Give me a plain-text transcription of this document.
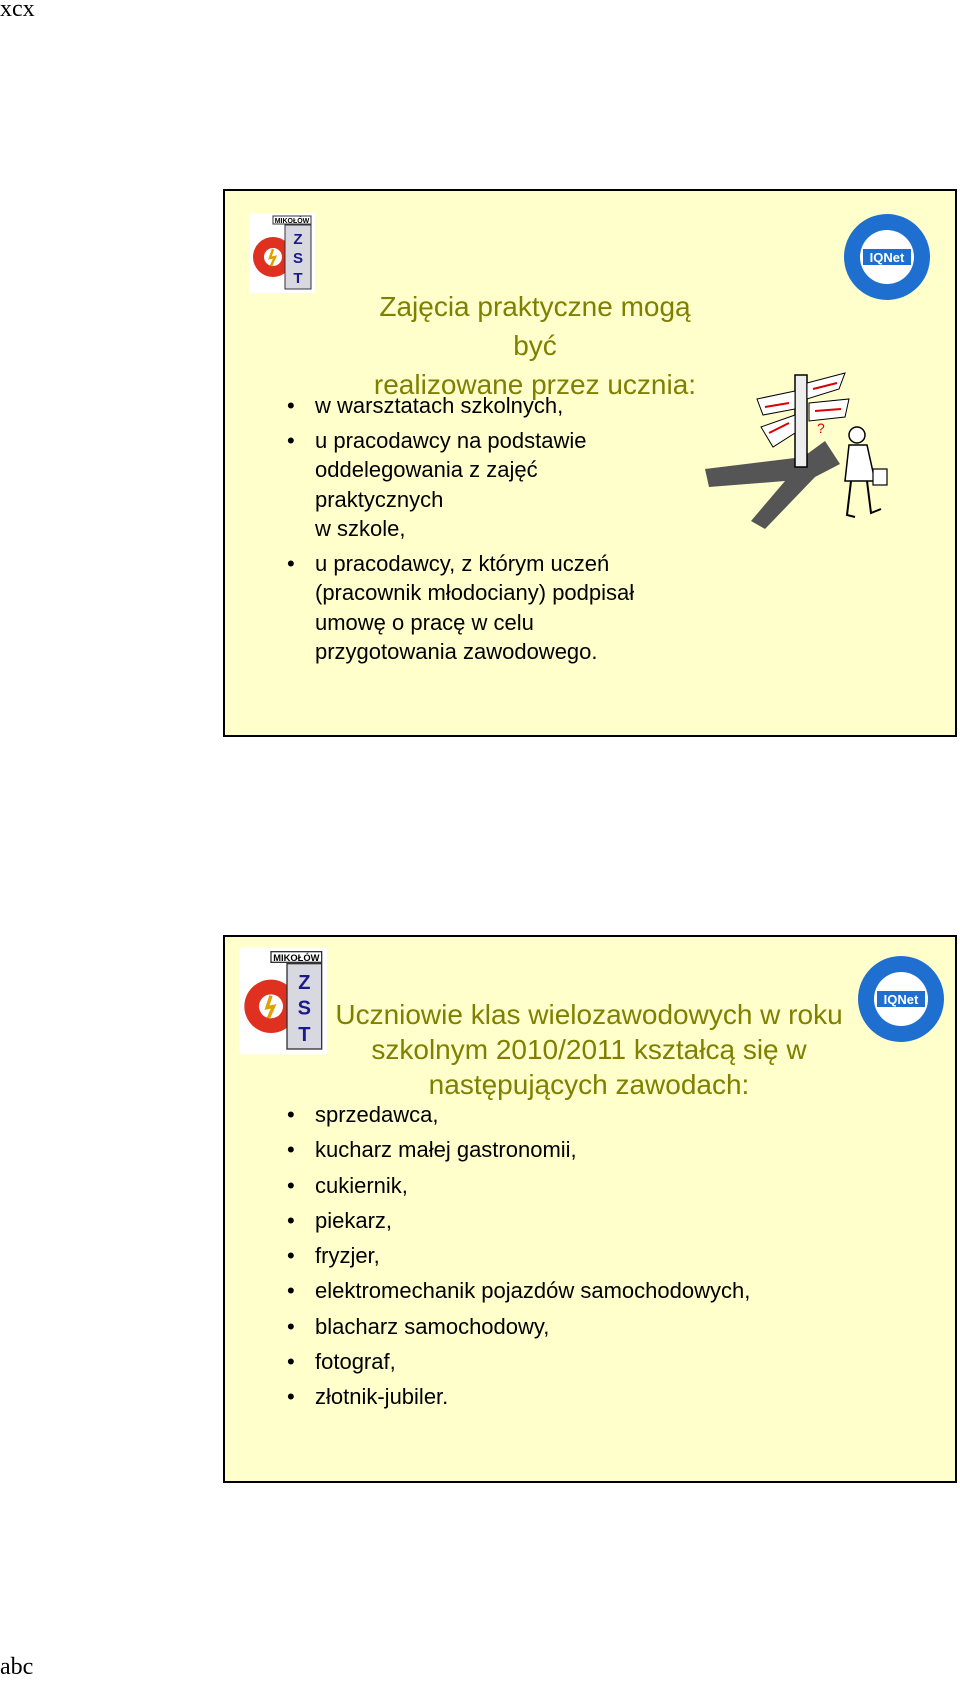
xcx
MIKOŁÓW
Z
S
T
IQNet
Zajęcia praktyczne mogą być
realizowane przez ucznia:
• w warsztatach szkolnych,
• u pracodawcy na podstawie
oddelegowania z zajęć
praktycznych
w szkole,
• u pracodawcy, z którym uczeń
(pracownik młodociany) podpisał
umowę o pracę w celu
przygotowania zawodowego.
?
MIKOŁÓW
Z
S
T
IQNet
Uczniowie klas wielozawodowych w roku
szkolnym 2010/2011 kształcą się w
następujących zawodach:
• sprzedawca,
• kucharz małej gastronomii,
• cukiernik,
• piekarz,
• fryzjer,
• elektromechanik pojazdów samochodowych,
• blacharz samochodowy,
• fotograf,
• złotnik-jubiler.
abc
